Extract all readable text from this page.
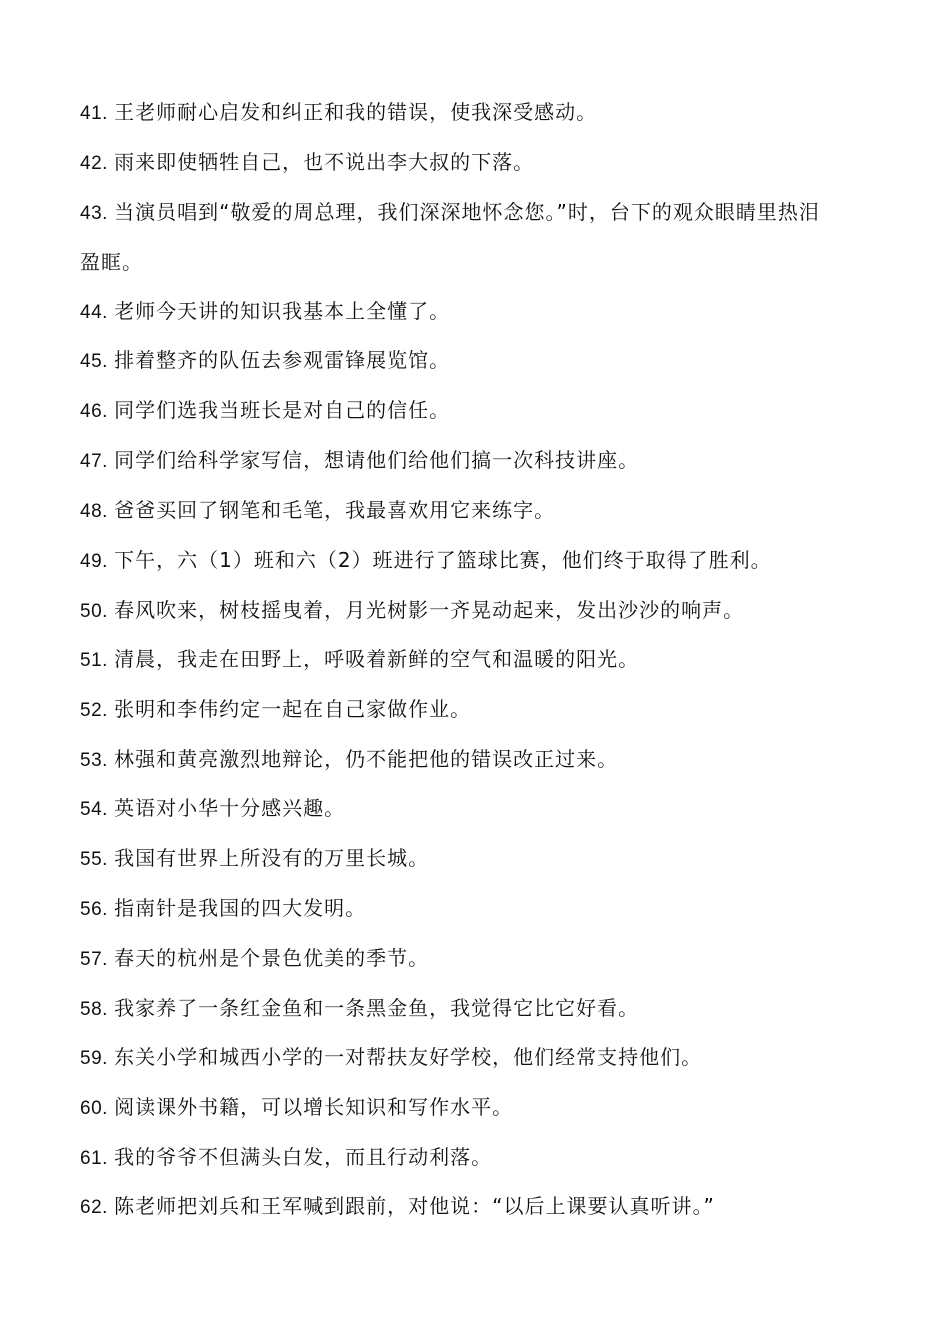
41. 王老师耐心启发和纠正和我的错误，使我深受感动。
42. 雨来即使牺牲自己，也不说出李大叔的下落。
43. 当演员唱到“敬爱的周总理，我们深深地怀念您。”时，台下的观众眼睛里热泪
盈眶。
44. 老师今天讲的知识我基本上全懂了。
45. 排着整齐的队伍去参观雷锋展览馆。
46. 同学们选我当班长是对自己的信任。
47. 同学们给科学家写信，想请他们给他们搞一次科技讲座。
48. 爸爸买回了钢笔和毛笔，我最喜欢用它来练字。
49. 下午，六（1）班和六（2）班进行了篮球比赛，他们终于取得了胜利。
50. 春风吹来，树枝摇曳着，月光树影一齐晃动起来，发出沙沙的响声。
51. 清晨，我走在田野上，呼吸着新鲜的空气和温暖的阳光。
52. 张明和李伟约定一起在自己家做作业。
53. 林强和黄亮激烈地辩论，仍不能把他的错误改正过来。
54. 英语对小华十分感兴趣。
55. 我国有世界上所没有的万里长城。
56. 指南针是我国的四大发明。
57. 春天的杭州是个景色优美的季节。
58. 我家养了一条红金鱼和一条黑金鱼，我觉得它比它好看。
59. 东关小学和城西小学的一对帮扶友好学校，他们经常支持他们。
60. 阅读课外书籍，可以增长知识和写作水平。
61. 我的爷爷不但满头白发，而且行动利落。
62. 陈老师把刘兵和王军喊到跟前，对他说：“以后上课要认真听讲。”
